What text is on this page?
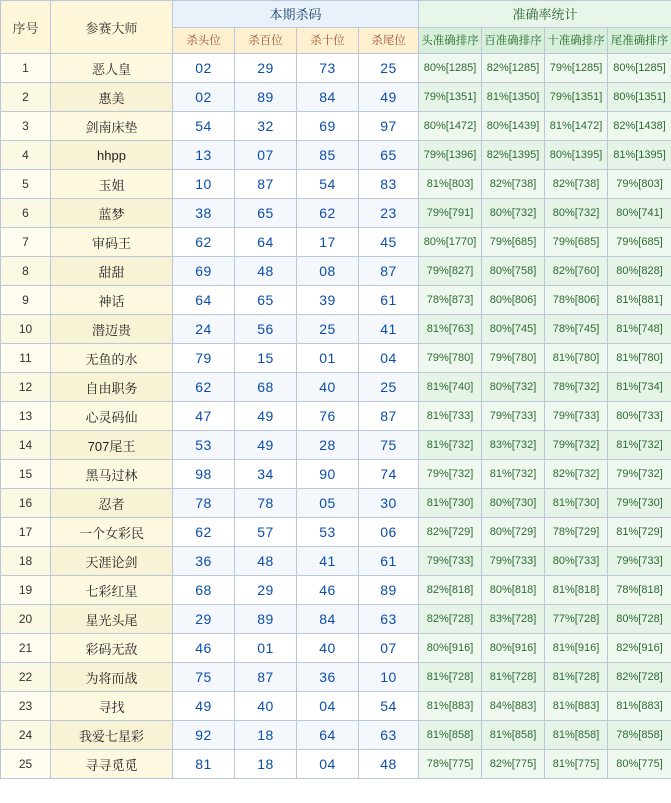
序号	参赛大师	本期杀码				准确率统计			
		杀头位	杀百位	杀十位	杀尾位	头准确排序	百准确排序	十准确排序	尾准确排序
1	恶人皇	02	29	73	25	80%[1285]	82%[1285]	79%[1285]	80%[1285]
2	惠美	02	89	84	49	79%[1351]	81%[1350]	79%[1351]	80%[1351]
3	剑南床垫	54	32	69	97	80%[1472]	80%[1439]	81%[1472]	82%[1438]
4	hhpp	13	07	85	65	79%[1396]	82%[1395]	80%[1395]	81%[1395]
5	玉姐	10	87	54	83	81%[803]	82%[738]	82%[738]	79%[803]
6	蓝梦	38	65	62	23	79%[791]	80%[732]	80%[732]	80%[741]
7	审码王	62	64	17	45	80%[1770]	79%[685]	79%[685]	79%[685]
8	甜甜	69	48	08	87	79%[827]	80%[758]	82%[760]	80%[828]
9	神话	64	65	39	61	78%[873]	80%[806]	78%[806]	81%[881]
10	潜迈贵	24	56	25	41	81%[763]	80%[745]	78%[745]	81%[748]
11	无鱼的水	79	15	01	04	79%[780]	79%[780]	81%[780]	81%[780]
12	自由职务	62	68	40	25	81%[740]	80%[732]	78%[732]	81%[734]
13	心灵码仙	47	49	76	87	81%[733]	79%[733]	79%[733]	80%[733]
14	707尾王	53	49	28	75	81%[732]	83%[732]	79%[732]	81%[732]
15	黑马过林	98	34	90	74	79%[732]	81%[732]	82%[732]	79%[732]
16	忍者	78	78	05	30	81%[730]	80%[730]	81%[730]	79%[730]
17	一个女彩民	62	57	53	06	82%[729]	80%[729]	78%[729]	81%[729]
18	天涯论剑	36	48	41	61	79%[733]	79%[733]	80%[733]	79%[733]
19	七彩红星	68	29	46	89	82%[818]	80%[818]	81%[818]	78%[818]
20	星光头尾	29	89	84	63	82%[728]	83%[728]	77%[728]	80%[728]
21	彩码无敌	46	01	40	07	80%[916]	80%[916]	81%[916]	82%[916]
22	为将而战	75	87	36	10	81%[728]	81%[728]	81%[728]	82%[728]
23	寻找	49	40	04	54	81%[883]	84%[883]	81%[883]	81%[883]
24	我爱七星彩	92	18	64	63	81%[858]	81%[858]	81%[858]	78%[858]
25	寻寻觅觅	81	18	04	48	78%[775]	82%[775]	81%[775]	80%[775]
